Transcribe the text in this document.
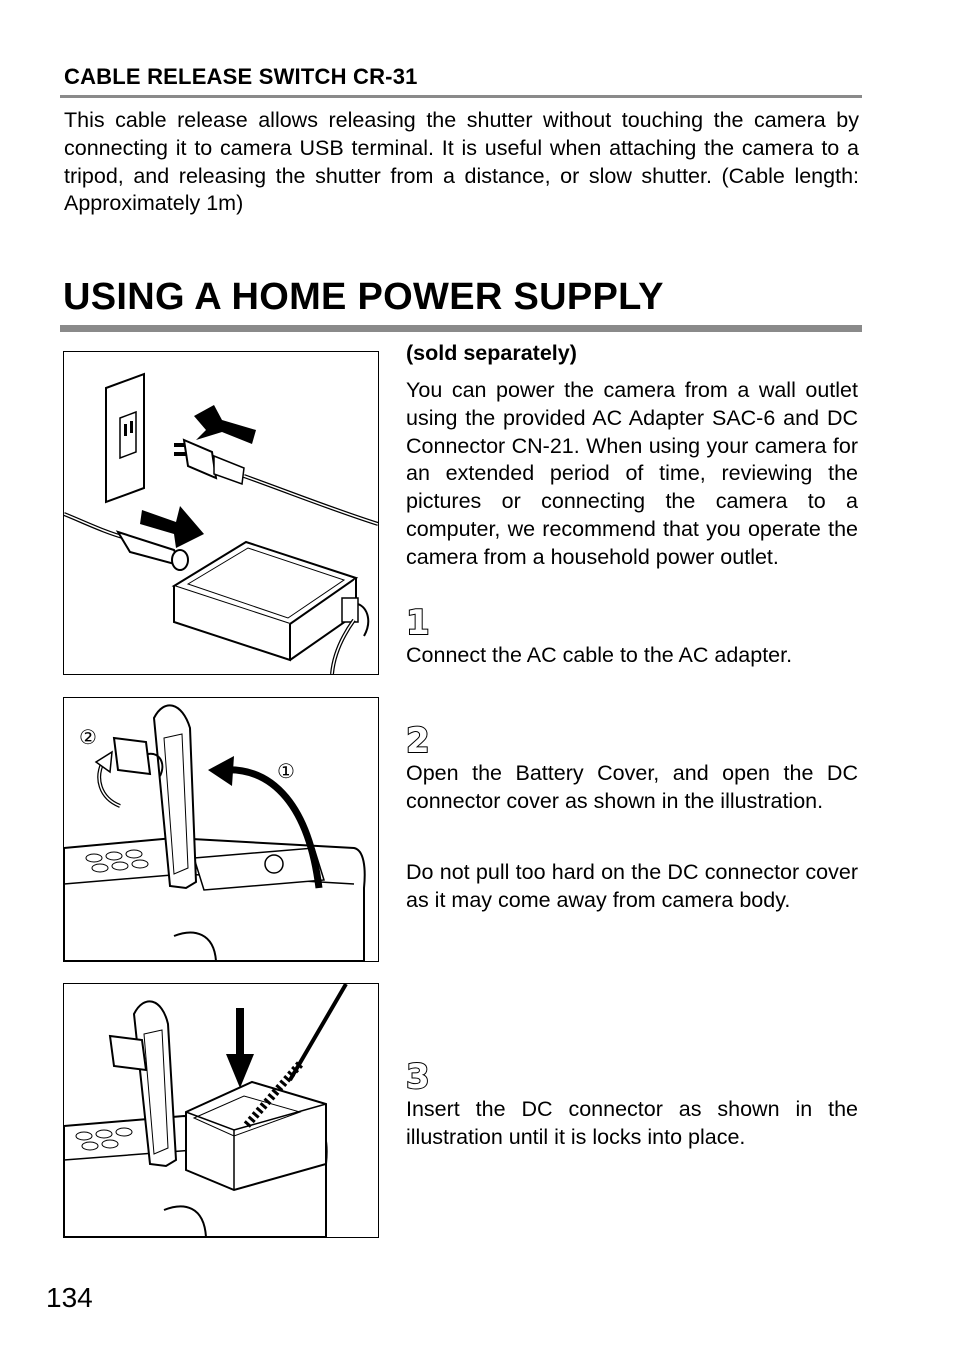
CABLE RELEASE SWITCH CR-31
This cable release allows releasing the shutter without touching the camera by connecting it to camera USB terminal. It is useful when attaching the camera to a tripod, and releasing the shutter from a distance, or slow shutter. (Cable length: Approximately 1m)
USING A HOME POWER SUPPLY
②
①
(sold separately)
You can power the camera from a wall outlet using the provided AC Adapter SAC-6 and DC Connector CN-21. When using your camera for an extended period of time, reviewing the pictures or connecting the camera to a computer, we recommend that you operate the camera from a household power outlet.
1
Connect the AC cable to the AC adapter.
2
Open the Battery Cover, and open the DC connector cover as shown in the illustration.
Do not pull too hard on the DC connector cover as it may come away from camera body.
3
Insert the DC connector as shown in the illustration until it is locks into place.
134
